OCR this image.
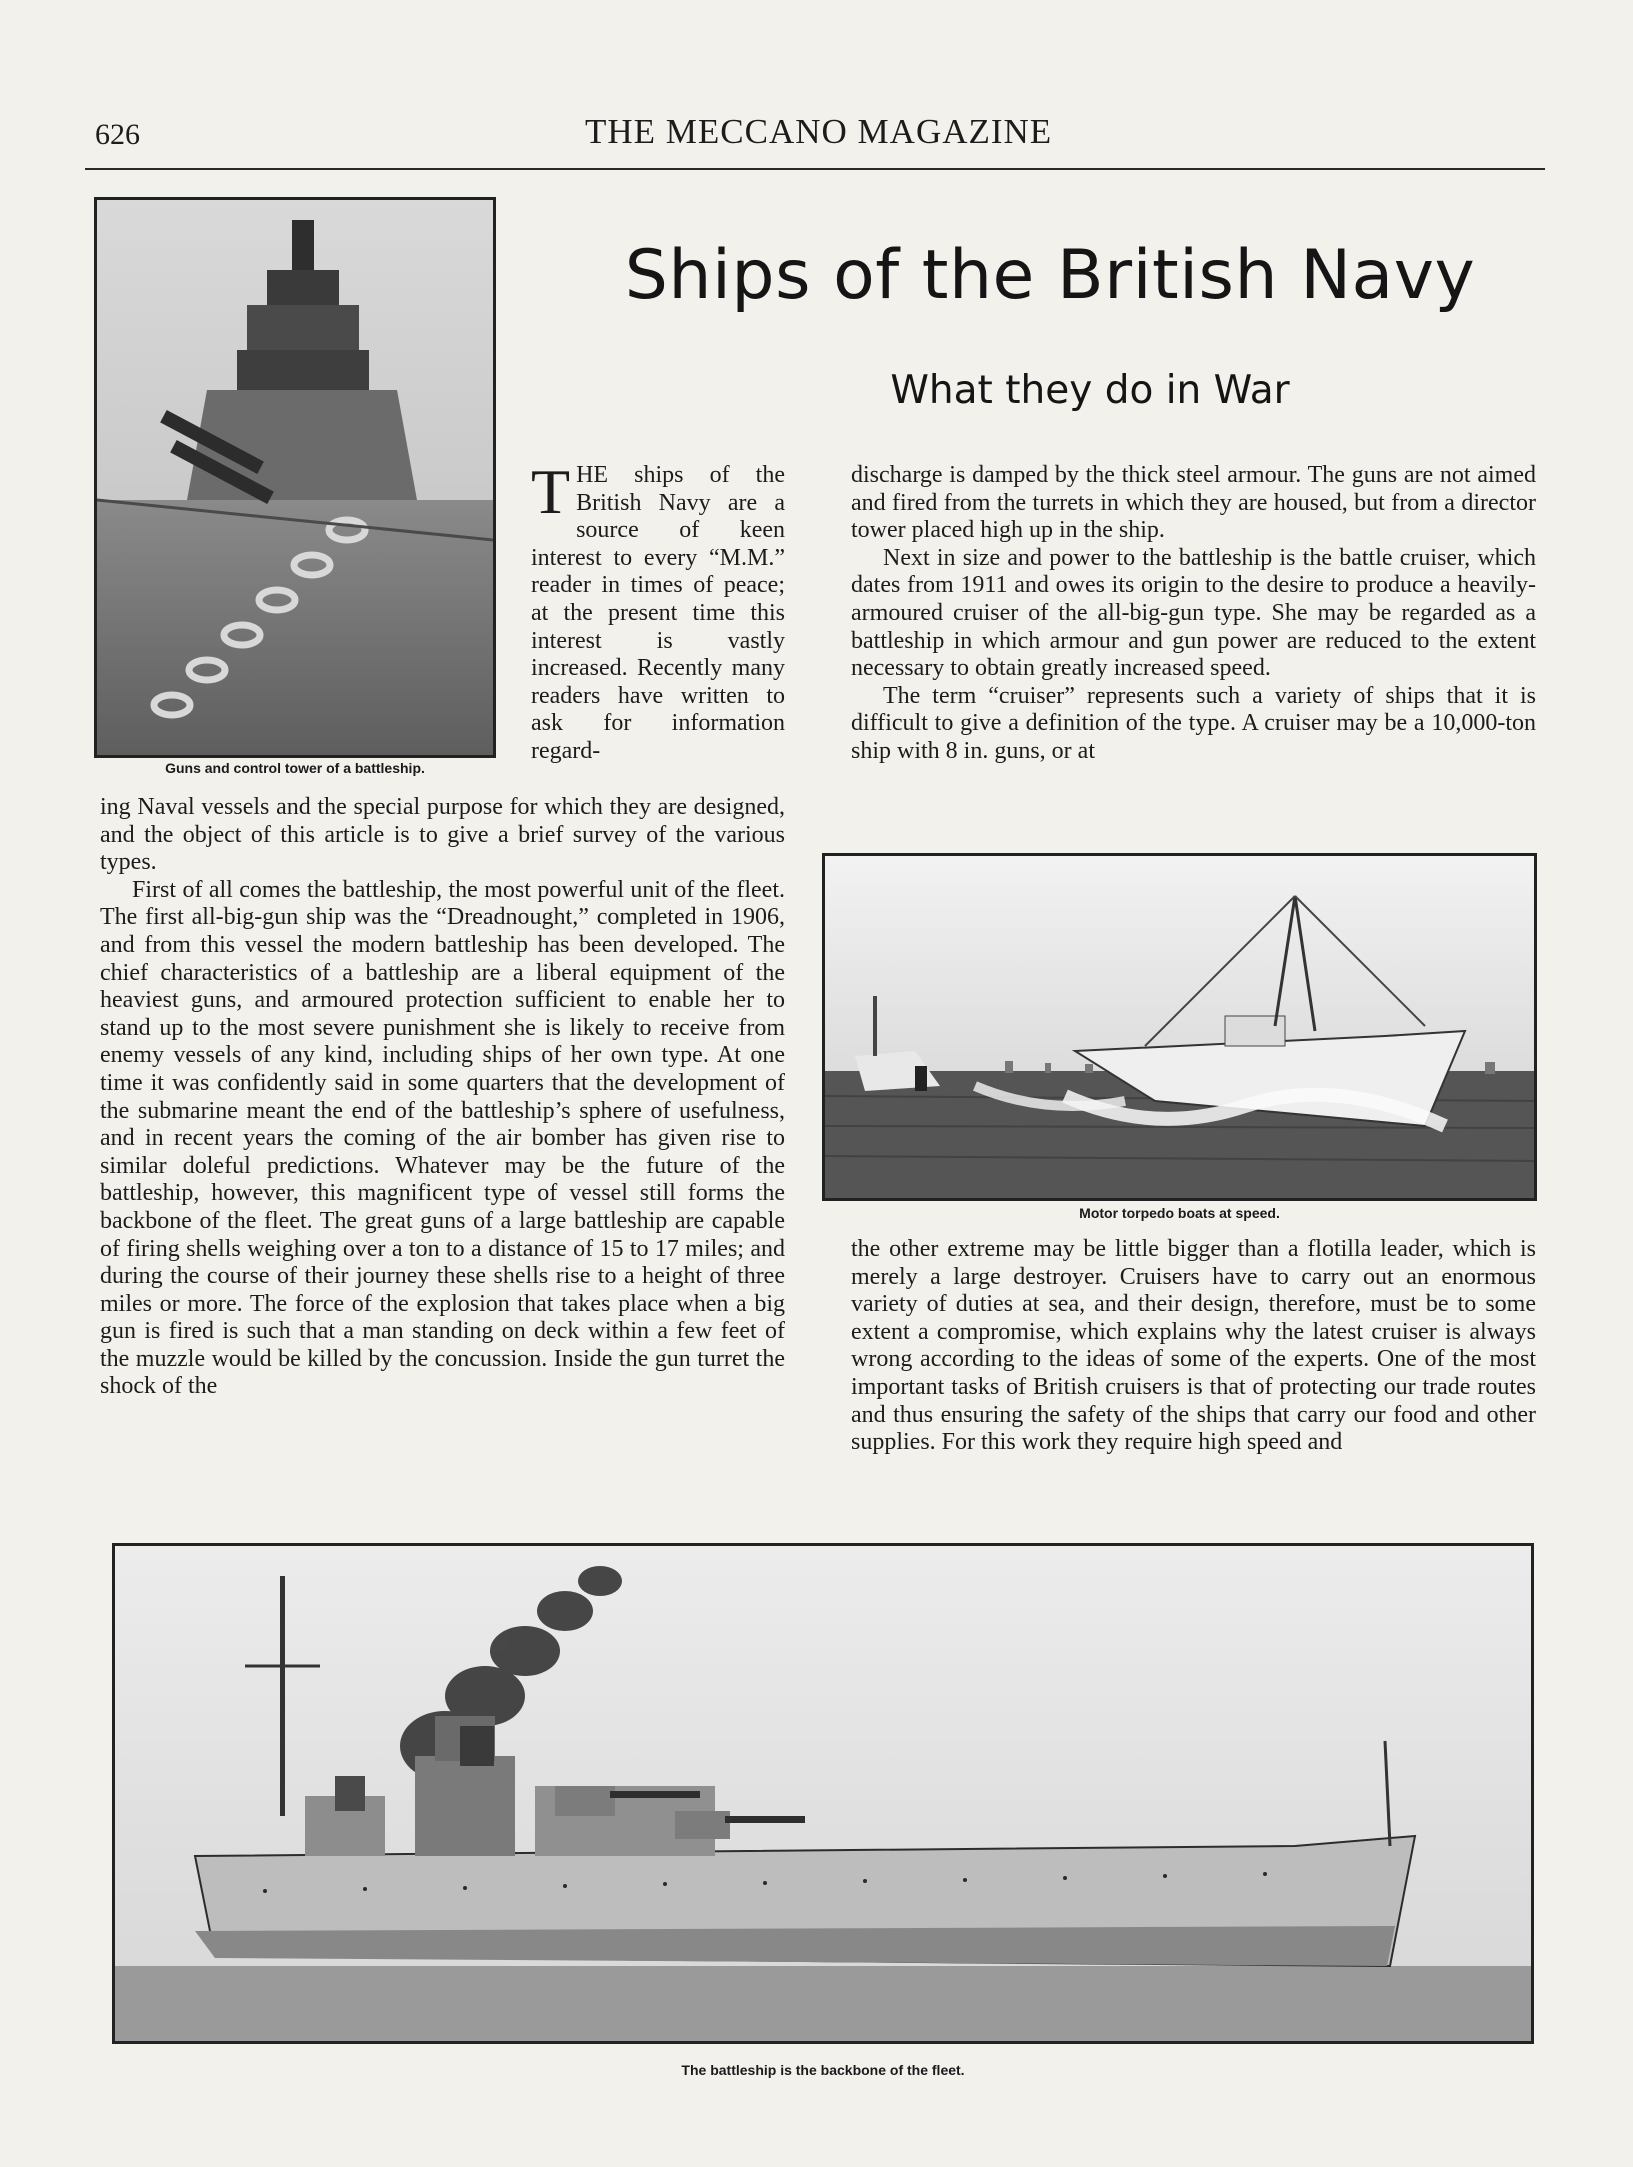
626	THE MECCANO MAGAZINE
Ships of the British Navy
What they do in War
Guns and control tower of a battleship.

THE ships of the British Navy are a source of keen interest to every “M.M.” reader in times of peace; at the present time this interest is vastly increased. Recently many readers have written to ask for information regard-

ing Naval vessels and the special purpose for which they are designed, and the object of this article is to give a brief survey of the various types.

First of all comes the battleship, the most powerful unit of the fleet. The first all-big-gun ship was the “Dreadnought,” completed in 1906, and from this vessel the modern battleship has been developed. The chief characteristics of a battleship are a liberal equipment of the heaviest guns, and armoured protection sufficient to enable her to stand up to the most severe punishment she is likely to receive from enemy vessels of any kind, including ships of her own type. At one time it was confidently said in some quarters that the development of the submarine meant the end of the battleship’s sphere of usefulness, and in recent years the coming of the air bomber has given rise to similar doleful predictions. Whatever may be the future of the battleship, however, this magnificent type of vessel still forms the backbone of the fleet. The great guns of a large battleship are capable of firing shells weighing over a ton to a distance of 15 to 17 miles; and during the course of their journey these shells rise to a height of three miles or more. The force of the explosion that takes place when a big gun is fired is such that a man standing on deck within a few feet of the muzzle would be killed by the concussion. Inside the gun turret the shock of the

discharge is damped by the thick steel armour. The guns are not aimed and fired from the turrets in which they are housed, but from a director tower placed high up in the ship.

Next in size and power to the battleship is the battle cruiser, which dates from 1911 and owes its origin to the desire to produce a heavily-armoured cruiser of the all-big-gun type. She may be regarded as a battleship in which armour and gun power are reduced to the extent necessary to obtain greatly increased speed.

The term “cruiser” represents such a variety of ships that it is difficult to give a definition of the type. A cruiser may be a 10,000-ton ship with 8 in. guns, or at

Motor torpedo boats at speed.

the other extreme may be little bigger than a flotilla leader, which is merely a large destroyer. Cruisers have to carry out an enormous variety of duties at sea, and their design, therefore, must be to some extent a compromise, which explains why the latest cruiser is always wrong according to the ideas of some of the experts. One of the most important tasks of British cruisers is that of protecting our trade routes and thus ensuring the safety of the ships that carry our food and other supplies. For this work they require high speed and

The battleship is the backbone of the fleet.
